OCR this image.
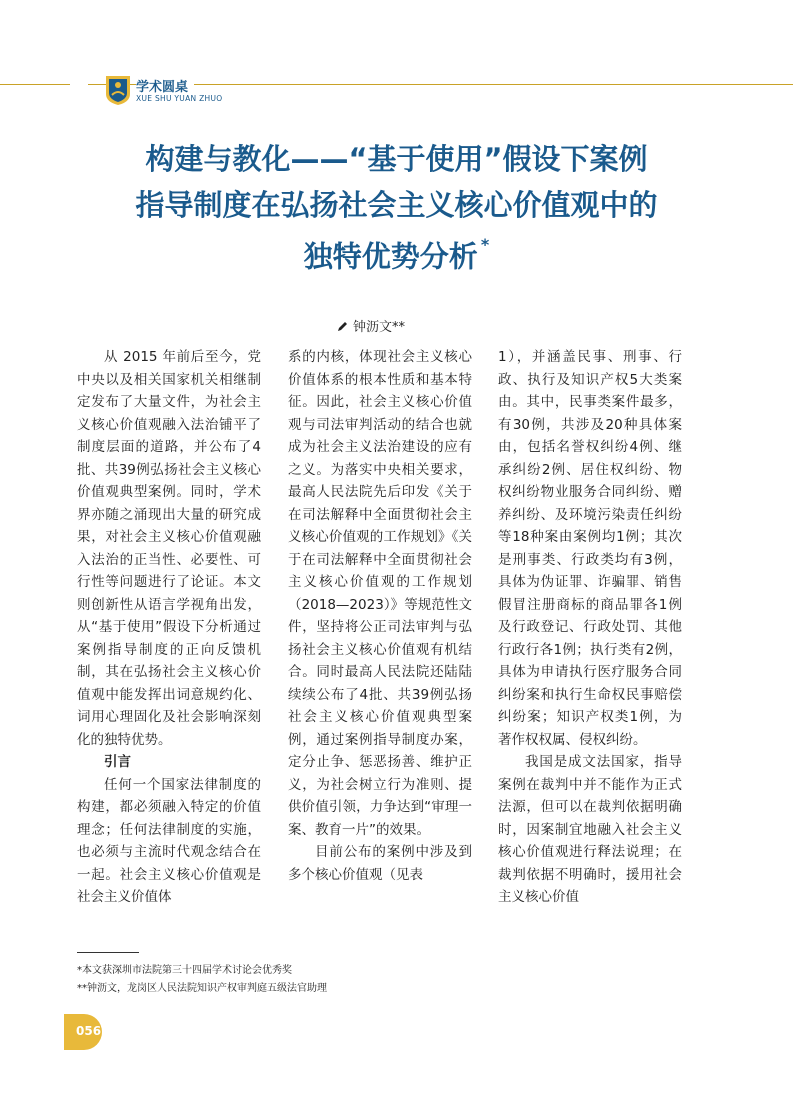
学术圆桌
XUE SHU YUAN ZHUO
构建与教化——“基于使用”假设下案例
指导制度在弘扬社会主义核心价值观中的
独特优势分析 *
钟沥文**

从 2015 年前后至今，党中央以及相关国家机关相继制定发布了大量文件，为社会主义核心价值观融入法治铺平了制度层面的道路，并公布了4批、共39例弘扬社会主义核心价值观典型案例。同时，学术界亦随之涌现出大量的研究成果，对社会主义核心价值观融入法治的正当性、必要性、可行性等问题进行了论证。本文则创新性从语言学视角出发，从“基于使用”假设下分析通过案例指导制度的正向反馈机制，其在弘扬社会主义核心价值观中能发挥出词意规约化、词用心理固化及社会影响深刻化的独特优势。

引言

任何一个国家法律制度的构建，都必须融入特定的价值理念；任何法律制度的实施，也必须与主流时代观念结合在一起。社会主义核心价值观是社会主义价值体

系的内核，体现社会主义核心价值体系的根本性质和基本特征。因此，社会主义核心价值观与司法审判活动的结合也就成为社会主义法治建设的应有之义。为落实中央相关要求，最高人民法院先后印发《关于在司法解释中全面贯彻社会主义核心价值观的工作规划》《关于在司法解释中全面贯彻社会主义核心价值观的工作规划（2018—2023）》等规范性文件，坚持将公正司法审判与弘扬社会主义核心价值观有机结合。同时最高人民法院还陆陆续续公布了4批、共39例弘扬社会主义核心价值观典型案例，通过案例指导制度办案，定分止争、惩恶扬善、维护正义，为社会树立行为准则、提供价值引领，力争达到“审理一案、教育一片”的效果。

目前公布的案例中涉及到多个核心价值观（见表

1），并涵盖民事、刑事、行政、执行及知识产权5大类案由。其中，民事类案件最多，有30例，共涉及20种具体案由，包括名誉权纠纷4例、继承纠纷2例、居住权纠纷、物权纠纷物业服务合同纠纷、赠养纠纷、及环境污染责任纠纷等18种案由案例均1例；其次是刑事类、行政类均有3例，具体为伪证罪、诈骗罪、销售假冒注册商标的商品罪各1例及行政登记、行政处罚、其他行政行各1例；执行类有2例，具体为申请执行医疗服务合同纠纷案和执行生命权民事赔偿纠纷案；知识产权类1例，为著作权权属、侵权纠纷。

我国是成文法国家，指导案例在裁判中并不能作为正式法源，但可以在裁判依据明确时，因案制宜地融入社会主义核心价值观进行释法说理；在裁判依据不明确时，援用社会主义核心价值

*本文获深圳市法院第三十四届学术讨论会优秀奖
**钟沥文，龙岗区人民法院知识产权审判庭五级法官助理
056
